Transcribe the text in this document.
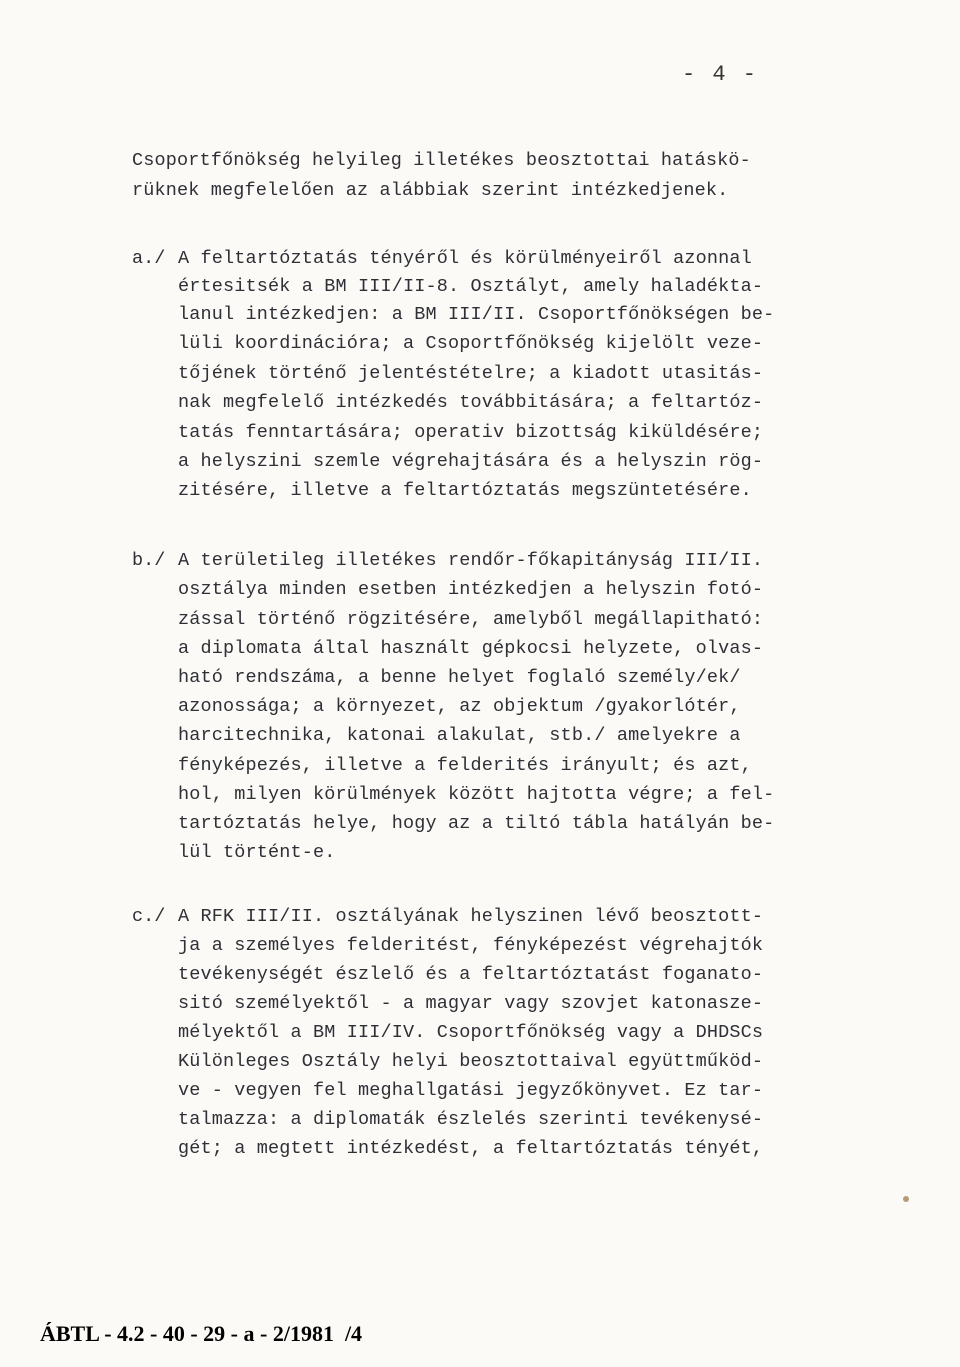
- 4 -
Csoportfőnökség helyileg illetékes beosztottai hatáskö-
rüknek megfelelően az alábbiak szerint intézkedjenek.
a./ A feltartóztatás tényéről és körülményeiről azonnal
értesitsék a BM III/II-8. Osztályt, amely haladékta-
lanul intézkedjen: a BM III/II. Csoportfőnökségen be-
lüli koordinációra; a Csoportfőnökség kijelölt veze-
tőjének történő jelentéstételre; a kiadott utasitás-
nak megfelelő intézkedés továbbitására; a feltartóz-
tatás fenntartására; operativ bizottság kiküldésére;
a helyszini szemle végrehajtására és a helyszin rög-
zitésére, illetve a feltartóztatás megszüntetésére.
b./ A területileg illetékes rendőr-főkapitányság III/II.
osztálya minden esetben intézkedjen a helyszin fotó-
zással történő rögzitésére, amelyből megállapitható:
a diplomata által használt gépkocsi helyzete, olvas-
ható rendszáma, a benne helyet foglaló személy/ek/
azonossága; a környezet, az objektum /gyakorlótér,
harcitechnika, katonai alakulat, stb./ amelyekre a
fényképezés, illetve a felderités irányult; és azt,
hol, milyen körülmények között hajtotta végre; a fel-
tartóztatás helye, hogy az a tiltó tábla hatályán be-
lül történt-e.
c./ A RFK III/II. osztályának helyszinen lévő beosztott-
ja a személyes felderitést, fényképezést végrehajtók
tevékenységét észlelő és a feltartóztatást foganato-
sitó személyektől - a magyar vagy szovjet katonasze-
mélyektől a BM III/IV. Csoportfőnökség vagy a DHDSCs
Különleges Osztály helyi beosztottaival együttműköd-
ve - vegyen fel meghallgatási jegyzőkönyvet. Ez tar-
talmazza: a diplomaták észlelés szerinti tevékenysé-
gét; a megtett intézkedést, a feltartóztatás tényét,
ÁBTL - 4.2 - 40 - 29 - a - 2/1981  /4
